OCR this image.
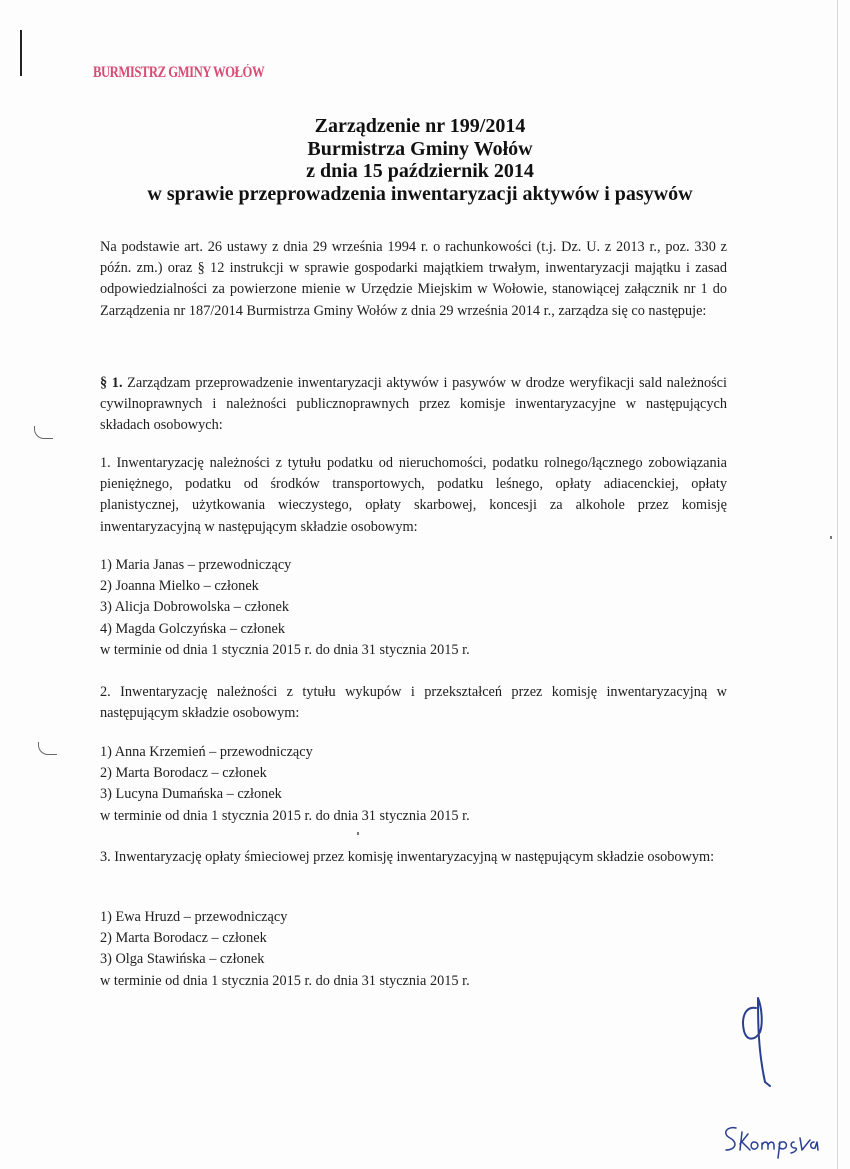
BURMISTRZ GMINY WOŁÓW
Zarządzenie nr 199/2014
Burmistrza Gminy Wołów
z dnia 15 październik 2014
w sprawie przeprowadzenia inwentaryzacji aktywów i pasywów
Na podstawie art. 26 ustawy z dnia 29 września 1994 r. o rachunkowości (t.j. Dz. U. z 2013 r., poz. 330 z późn. zm.) oraz § 12 instrukcji w sprawie gospodarki majątkiem trwałym, inwentaryzacji majątku i zasad odpowiedzialności za powierzone mienie w Urzędzie Miejskim w Wołowie, stanowiącej załącznik nr 1 do Zarządzenia nr 187/2014 Burmistrza Gminy Wołów z dnia 29 września 2014 r., zarządza się co następuje:
§ 1. Zarządzam przeprowadzenie inwentaryzacji aktywów i pasywów w drodze weryfikacji sald należności cywilnoprawnych i należności publicznoprawnych przez komisje inwentaryzacyjne w następujących składach osobowych:
1. Inwentaryzację należności z tytułu podatku od nieruchomości, podatku rolnego/łącznego zobowiązania pieniężnego, podatku od środków transportowych, podatku leśnego, opłaty adiacenckiej, opłaty planistycznej, użytkowania wieczystego, opłaty skarbowej, koncesji za alkohole przez komisję inwentaryzacyjną w następującym składzie osobowym:
1) Maria Janas – przewodniczący
2) Joanna Mielko – członek
3) Alicja Dobrowolska – członek
4) Magda Golczyńska – członek
w terminie od dnia 1 stycznia 2015 r. do dnia 31 stycznia 2015 r.
2. Inwentaryzację należności z tytułu wykupów i przekształceń przez komisję inwentaryzacyjną w następującym składzie osobowym:
1) Anna Krzemień – przewodniczący
2) Marta Borodacz – członek
3) Lucyna Dumańska – członek
w terminie od dnia 1 stycznia 2015 r. do dnia 31 stycznia 2015 r.
3. Inwentaryzację opłaty śmieciowej przez komisję inwentaryzacyjną w następującym składzie osobowym:
1) Ewa Hruzd – przewodniczący
2) Marta Borodacz – członek
3) Olga Stawińska – członek
w terminie od dnia 1 stycznia 2015 r. do dnia 31 stycznia 2015 r.
